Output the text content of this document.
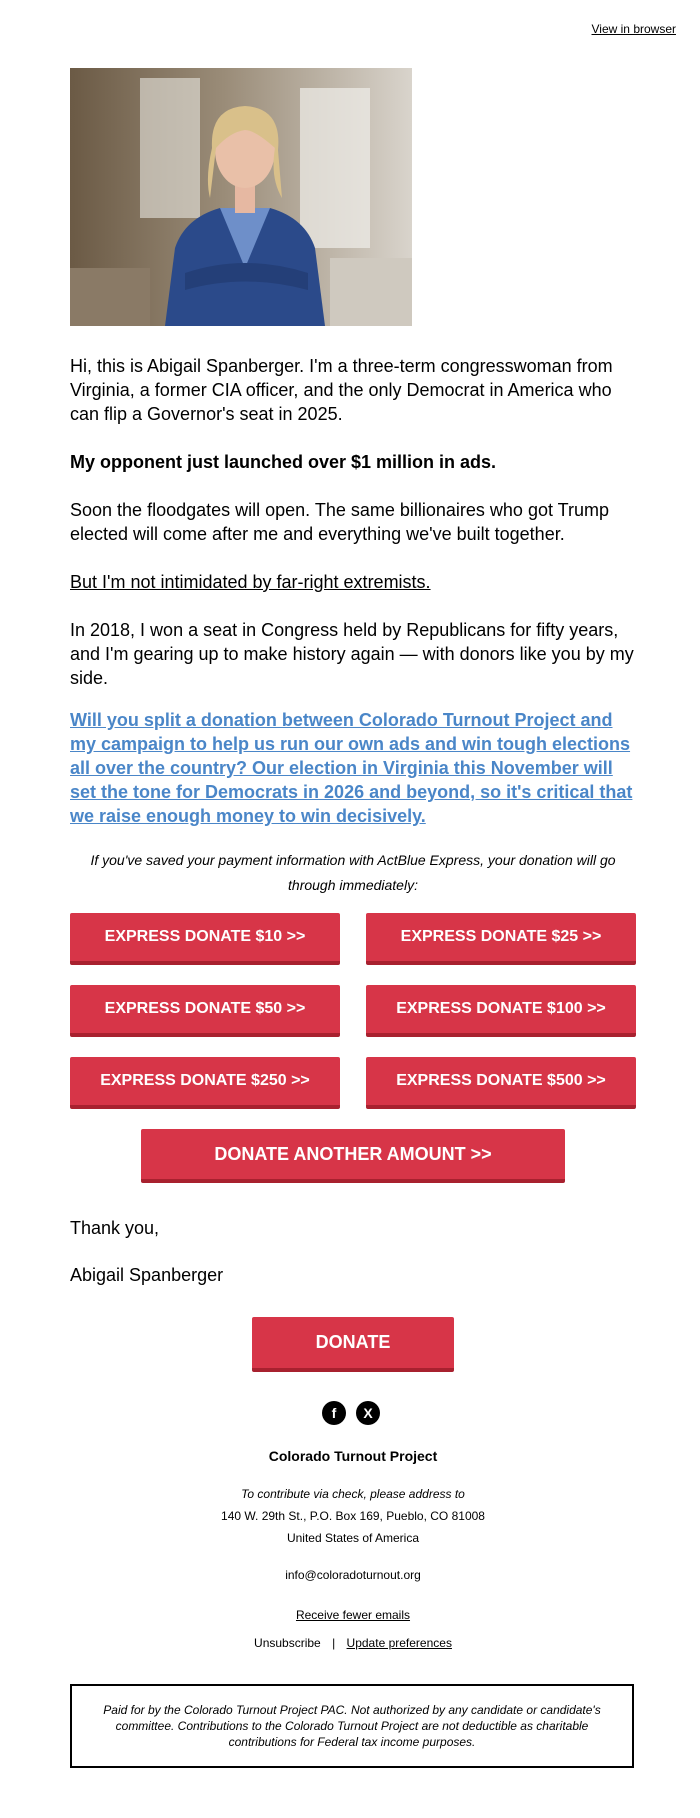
View in browser

Hi, this is Abigail Spanberger. I'm a three-term congresswoman from Virginia, a former CIA officer, and the only Democrat in America who can flip a Governor's seat in 2025.

My opponent just launched over $1 million in ads.

Soon the floodgates will open. The same billionaires who got Trump elected will come after me and everything we've built together.

But I'm not intimidated by far-right extremists.

In 2018, I won a seat in Congress held by Republicans for fifty years, and I'm gearing up to make history again — with donors like you by my side.

Will you split a donation between Colorado Turnout Project and my campaign to help us run our own ads and win tough elections all over the country? Our election in Virginia this November will set the tone for Democrats in 2026 and beyond, so it's critical that we raise enough money to win decisively.
If you've saved your payment information with ActBlue Express, your donation will go through immediately:
EXPRESS DONATE $10 >>	EXPRESS DONATE $25 >>
EXPRESS DONATE $50 >>	EXPRESS DONATE $100 >>
EXPRESS DONATE $250 >>	EXPRESS DONATE $500 >>
DONATE ANOTHER AMOUNT >>
Thank you,
Abigail Spanberger
DONATE
f	X
Colorado Turnout Project
To contribute via check, please address to
140 W. 29th St., P.O. Box 169, Pueblo, CO 81008
United States of America
info@coloradoturnout.org
Receive fewer emails
Unsubscribe | Update preferences
Paid for by the Colorado Turnout Project PAC. Not authorized by any candidate or candidate's committee. Contributions to the Colorado Turnout Project are not deductible as charitable contributions for Federal tax income purposes.
